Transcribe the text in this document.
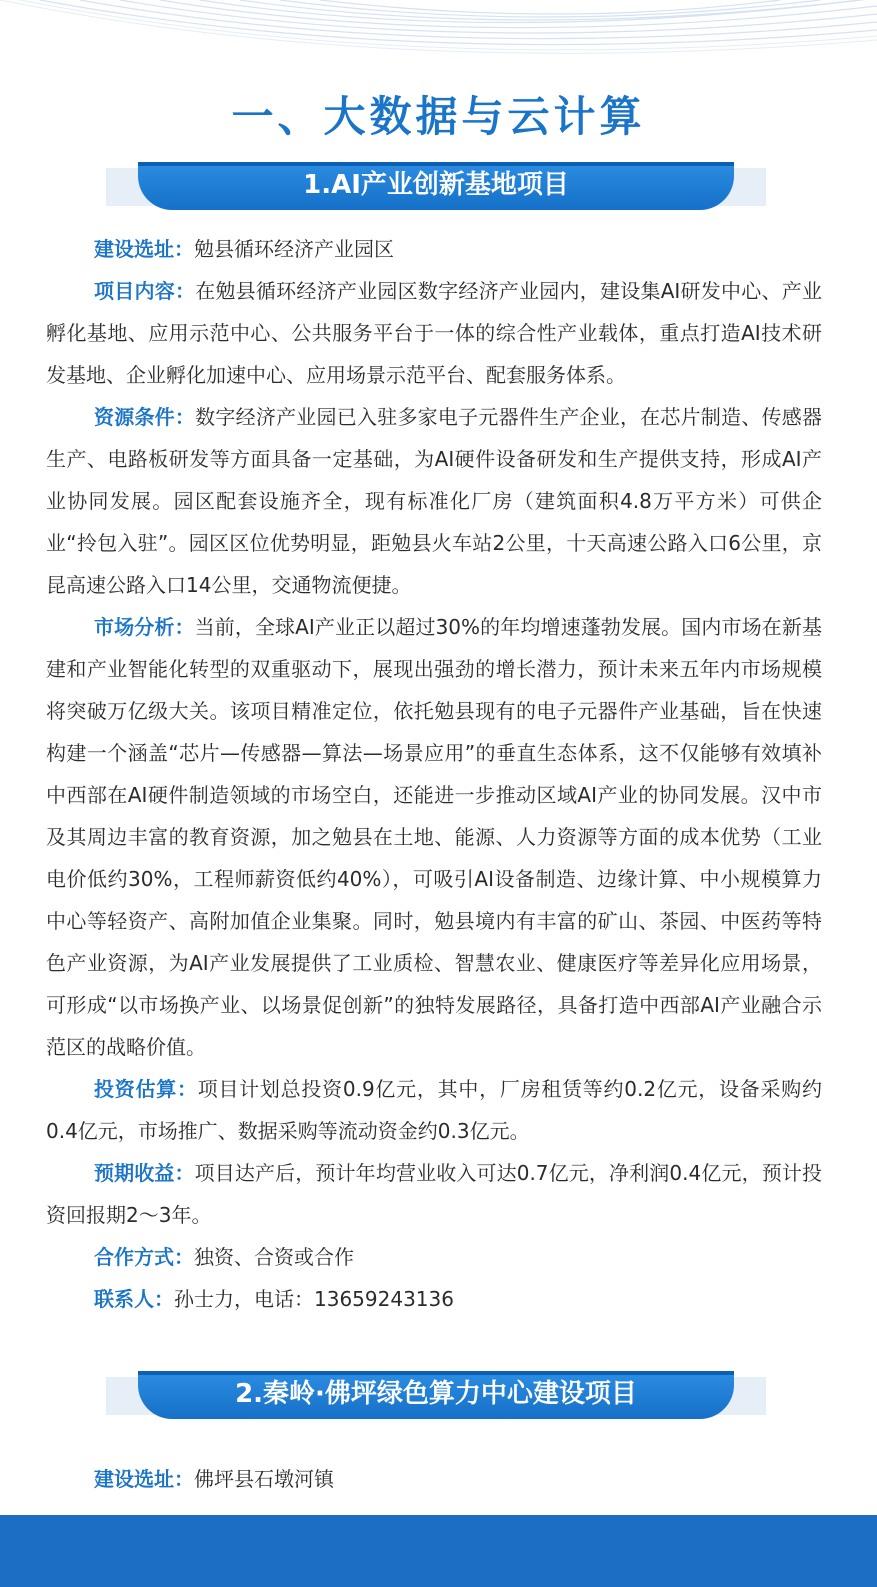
一、大数据与云计算
1.AI产业创新基地项目

建设选址：勉县循环经济产业园区

项目内容：在勉县循环经济产业园区数字经济产业园内，建设集AI研发中心、产业孵化基地、应用示范中心、公共服务平台于一体的综合性产业载体，重点打造AI技术研发基地、企业孵化加速中心、应用场景示范平台、配套服务体系。

资源条件：数字经济产业园已入驻多家电子元器件生产企业，在芯片制造、传感器生产、电路板研发等方面具备一定基础，为AI硬件设备研发和生产提供支持，形成AI产业协同发展。园区配套设施齐全，现有标准化厂房（建筑面积4.8万平方米）可供企业“拎包入驻”。园区区位优势明显，距勉县火车站2公里，十天高速公路入口6公里，京昆高速公路入口14公里，交通物流便捷。

市场分析：当前，全球AI产业正以超过30%的年均增速蓬勃发展。国内市场在新基建和产业智能化转型的双重驱动下，展现出强劲的增长潜力，预计未来五年内市场规模将突破万亿级大关。该项目精准定位，依托勉县现有的电子元器件产业基础，旨在快速构建一个涵盖“芯片—传感器—算法—场景应用”的垂直生态体系，这不仅能够有效填补中西部在AI硬件制造领域的市场空白，还能进一步推动区域AI产业的协同发展。汉中市及其周边丰富的教育资源，加之勉县在土地、能源、人力资源等方面的成本优势（工业电价低约30%，工程师薪资低约40%），可吸引AI设备制造、边缘计算、中小规模算力中心等轻资产、高附加值企业集聚。同时，勉县境内有丰富的矿山、茶园、中医药等特色产业资源，为AI产业发展提供了工业质检、智慧农业、健康医疗等差异化应用场景，可形成“以市场换产业、以场景促创新”的独特发展路径，具备打造中西部AI产业融合示范区的战略价值。

投资估算：项目计划总投资0.9亿元，其中，厂房租赁等约0.2亿元，设备采购约0.4亿元，市场推广、数据采购等流动资金约0.3亿元。

预期收益：项目达产后，预计年均营业收入可达0.7亿元，净利润0.4亿元，预计投资回报期2～3年。

合作方式：独资、合资或合作

联系人：孙士力，电话：13659243136

2.秦岭·佛坪绿色算力中心建设项目

建设选址：佛坪县石墩河镇
